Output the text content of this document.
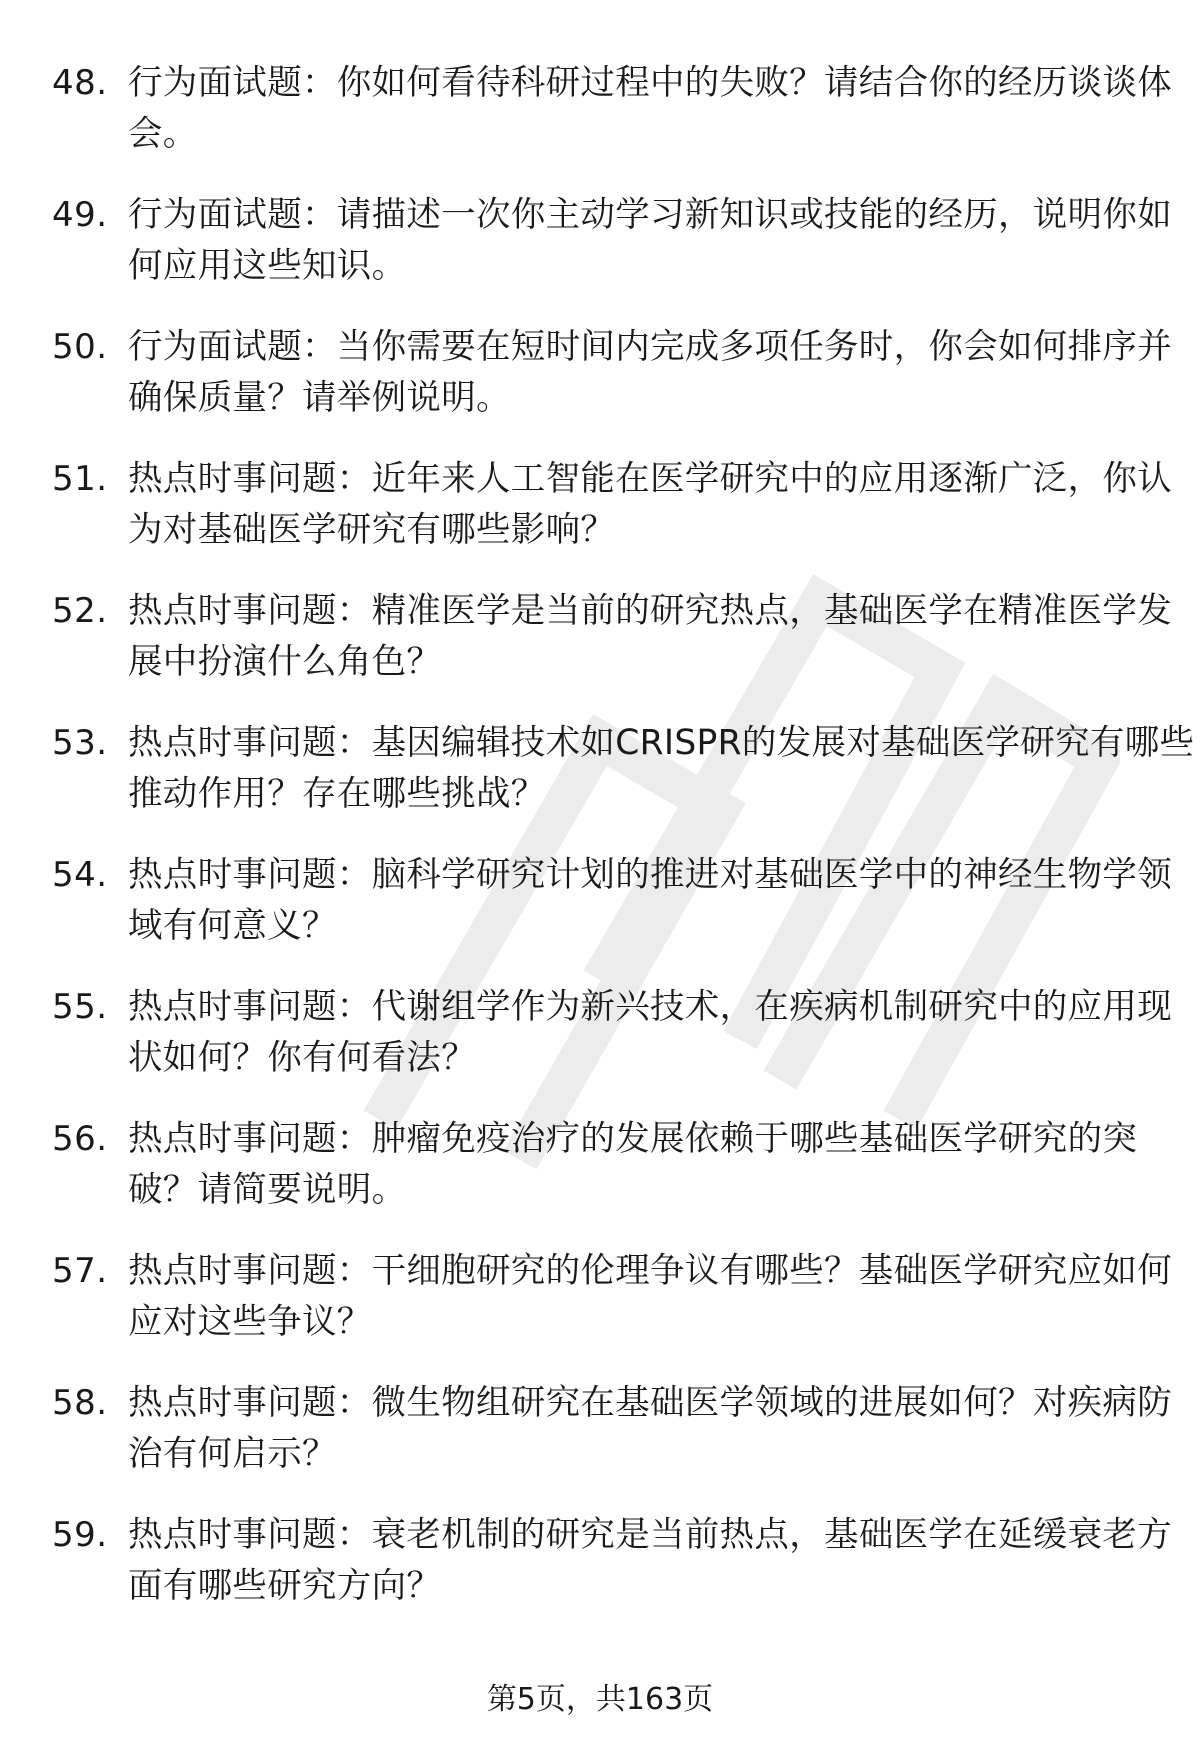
48. 行为面试题：你如何看待科研过程中的失败？请结合你的经历谈谈体会。
49. 行为面试题：请描述一次你主动学习新知识或技能的经历，说明你如何应用这些知识。
50. 行为面试题：当你需要在短时间内完成多项任务时，你会如何排序并确保质量？请举例说明。
51. 热点时事问题：近年来人工智能在医学研究中的应用逐渐广泛，你认为对基础医学研究有哪些影响？
52. 热点时事问题：精准医学是当前的研究热点，基础医学在精准医学发展中扮演什么角色？
53. 热点时事问题：基因编辑技术如CRISPR的发展对基础医学研究有哪些推动作用？存在哪些挑战？
54. 热点时事问题：脑科学研究计划的推进对基础医学中的神经生物学领域有何意义？
55. 热点时事问题：代谢组学作为新兴技术，在疾病机制研究中的应用现状如何？你有何看法？
56. 热点时事问题：肿瘤免疫治疗的发展依赖于哪些基础医学研究的突破？请简要说明。
57. 热点时事问题：干细胞研究的伦理争议有哪些？基础医学研究应如何应对这些争议？
58. 热点时事问题：微生物组研究在基础医学领域的进展如何？对疾病防治有何启示？
59. 热点时事问题：衰老机制的研究是当前热点，基础医学在延缓衰老方面有哪些研究方向？
第5页，共163页
